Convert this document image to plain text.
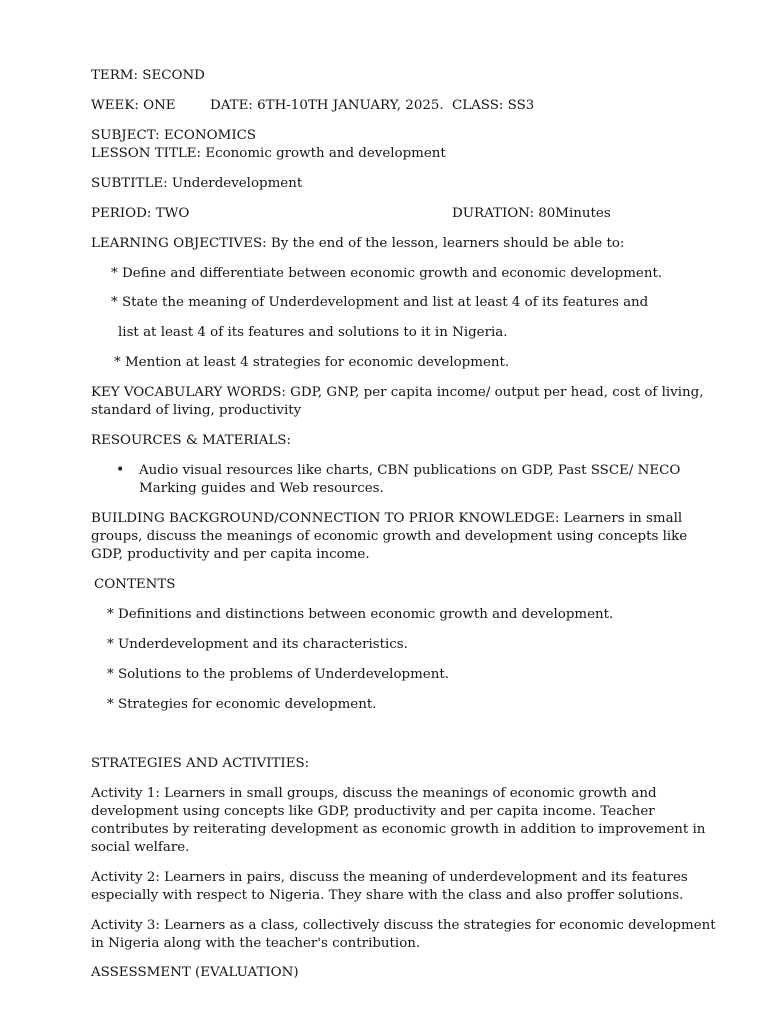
TERM: SECOND
WEEK: ONE	DATE: 6TH-10TH JANUARY, 2025. CLASS: SS3
SUBJECT: ECONOMICS
LESSON TITLE: Economic growth and development
SUBTITLE: Underdevelopment
PERIOD: TWO	DURATION: 80Minutes
LEARNING OBJECTIVES: By the end of the lesson, learners should be able to:
* Define and differentiate between economic growth and economic development.
* State the meaning of Underdevelopment and list at least 4 of its features and
list at least 4 of its features and solutions to it in Nigeria.
* Mention at least 4 strategies for economic development.
KEY VOCABULARY WORDS: GDP, GNP, per capita income/ output per head, cost of living,
standard of living, productivity
RESOURCES & MATERIALS:
• Audio visual resources like charts, CBN publications on GDP, Past SSCE/ NECO
Marking guides and Web resources.
BUILDING BACKGROUND/CONNECTION TO PRIOR KNOWLEDGE: Learners in small
groups, discuss the meanings of economic growth and development using concepts like
GDP, productivity and per capita income.
CONTENTS
* Definitions and distinctions between economic growth and development.
* Underdevelopment and its characteristics.
* Solutions to the problems of Underdevelopment.
* Strategies for economic development.
STRATEGIES AND ACTIVITIES:
Activity 1: Learners in small groups, discuss the meanings of economic growth and
development using concepts like GDP, productivity and per capita income. Teacher
contributes by reiterating development as economic growth in addition to improvement in
social welfare.
Activity 2: Learners in pairs, discuss the meaning of underdevelopment and its features
especially with respect to Nigeria. They share with the class and also proffer solutions.
Activity 3: Learners as a class, collectively discuss the strategies for economic development
in Nigeria along with the teacher's contribution.
ASSESSMENT (EVALUATION)
